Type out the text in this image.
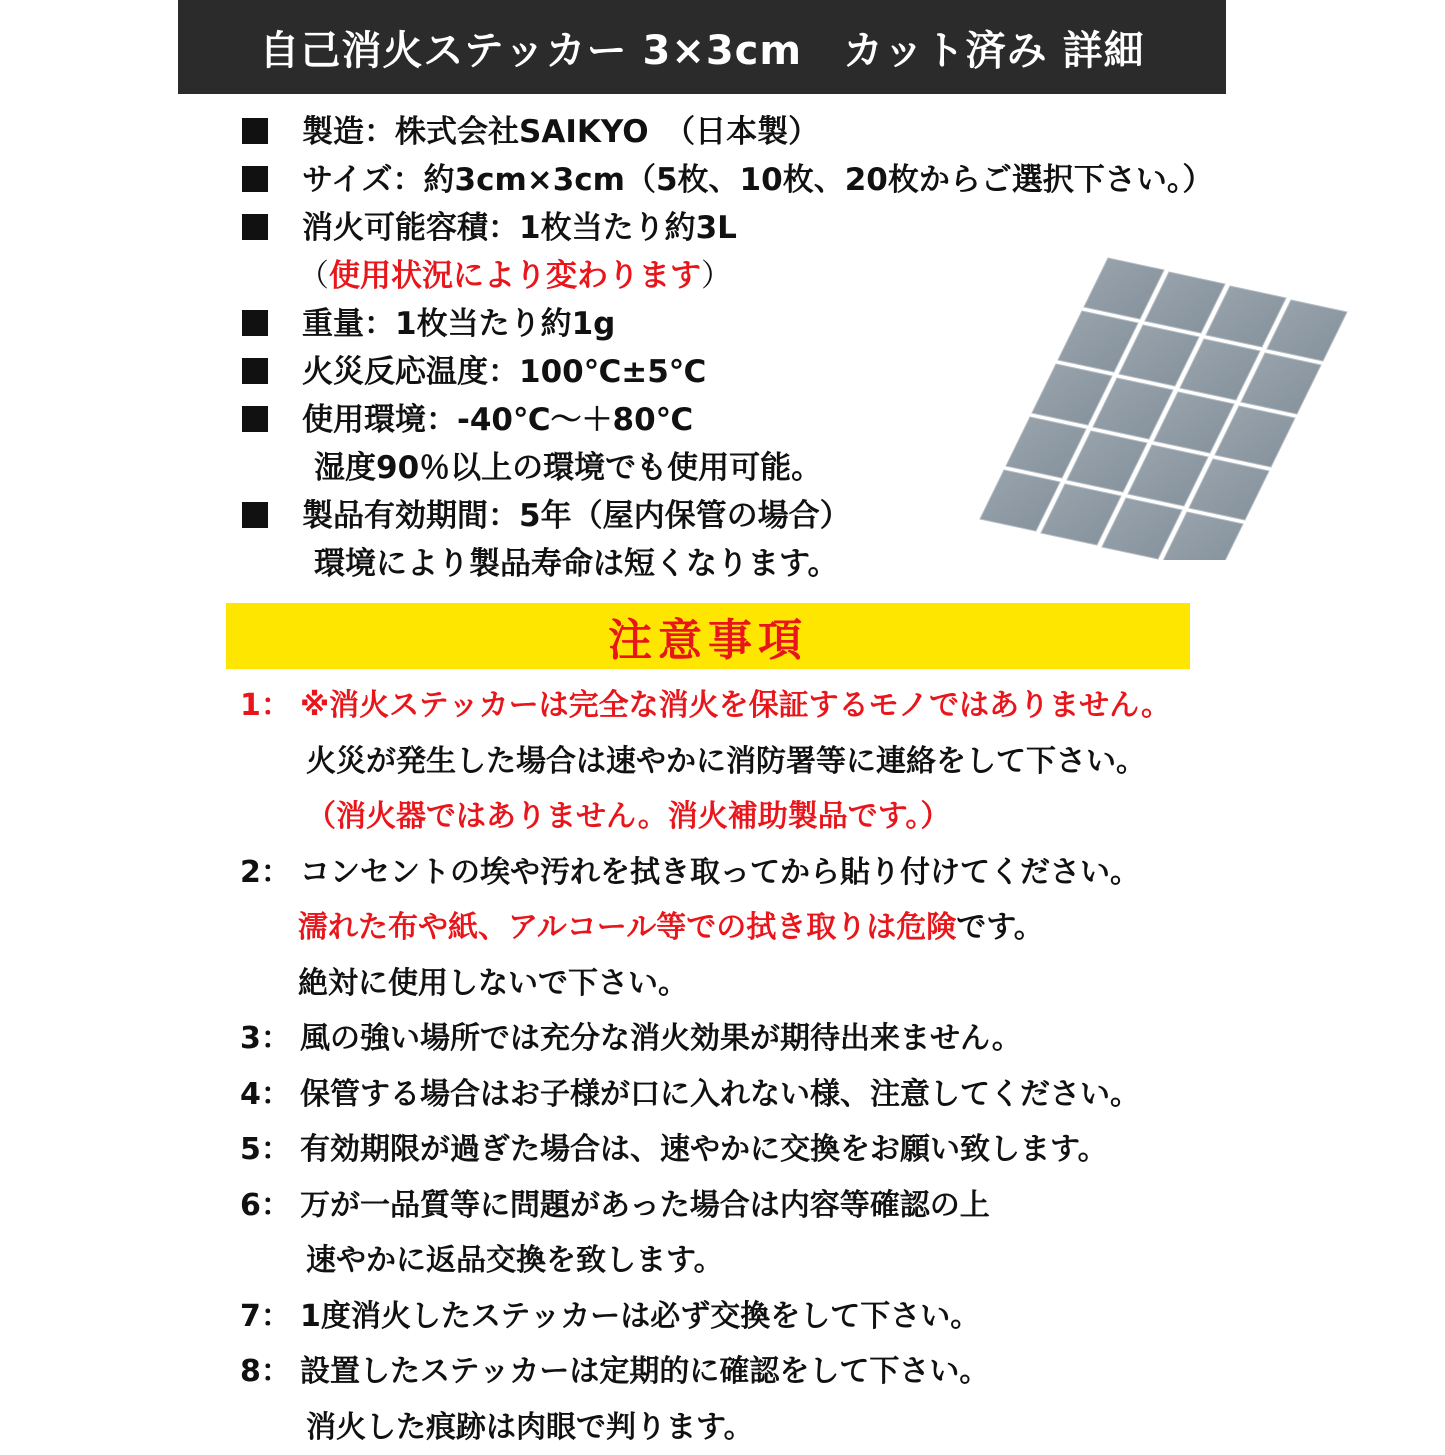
自己消火ステッカー 3×3cm　カット済み 詳細
製造：株式会社SAIKYO　（日本製）
サイズ：約3cm×3cm（5枚、10枚、20枚からご選択下さい。）
消火可能容積：1枚当たり約3L
（使用状況により変わります）
重量：1枚当たり約1g
火災反応温度：100℃±5℃
使用環境：-40℃～＋80℃
湿度90％以上の環境でも使用可能。
製品有効期間：5年（屋内保管の場合）
環境により製品寿命は短くなります。
注意事項
1： ※消火ステッカーは完全な消火を保証するモノではありません。
火災が発生した場合は速やかに消防署等に連絡をして下さい。
（消火器ではありません。消火補助製品です。）
2： コンセントの埃や汚れを拭き取ってから貼り付けてください。
濡れた布や紙、アルコール等での拭き取りは危険です。
絶対に使用しないで下さい。
3： 風の強い場所では充分な消火効果が期待出来ません。
4： 保管する場合はお子様が口に入れない様、注意してください。
5： 有効期限が過ぎた場合は、速やかに交換をお願い致します。
6： 万が一品質等に問題があった場合は内容等確認の上
速やかに返品交換を致します。
7： 1度消火したステッカーは必ず交換をして下さい。
8： 設置したステッカーは定期的に確認をして下さい。
消火した痕跡は肉眼で判ります。
